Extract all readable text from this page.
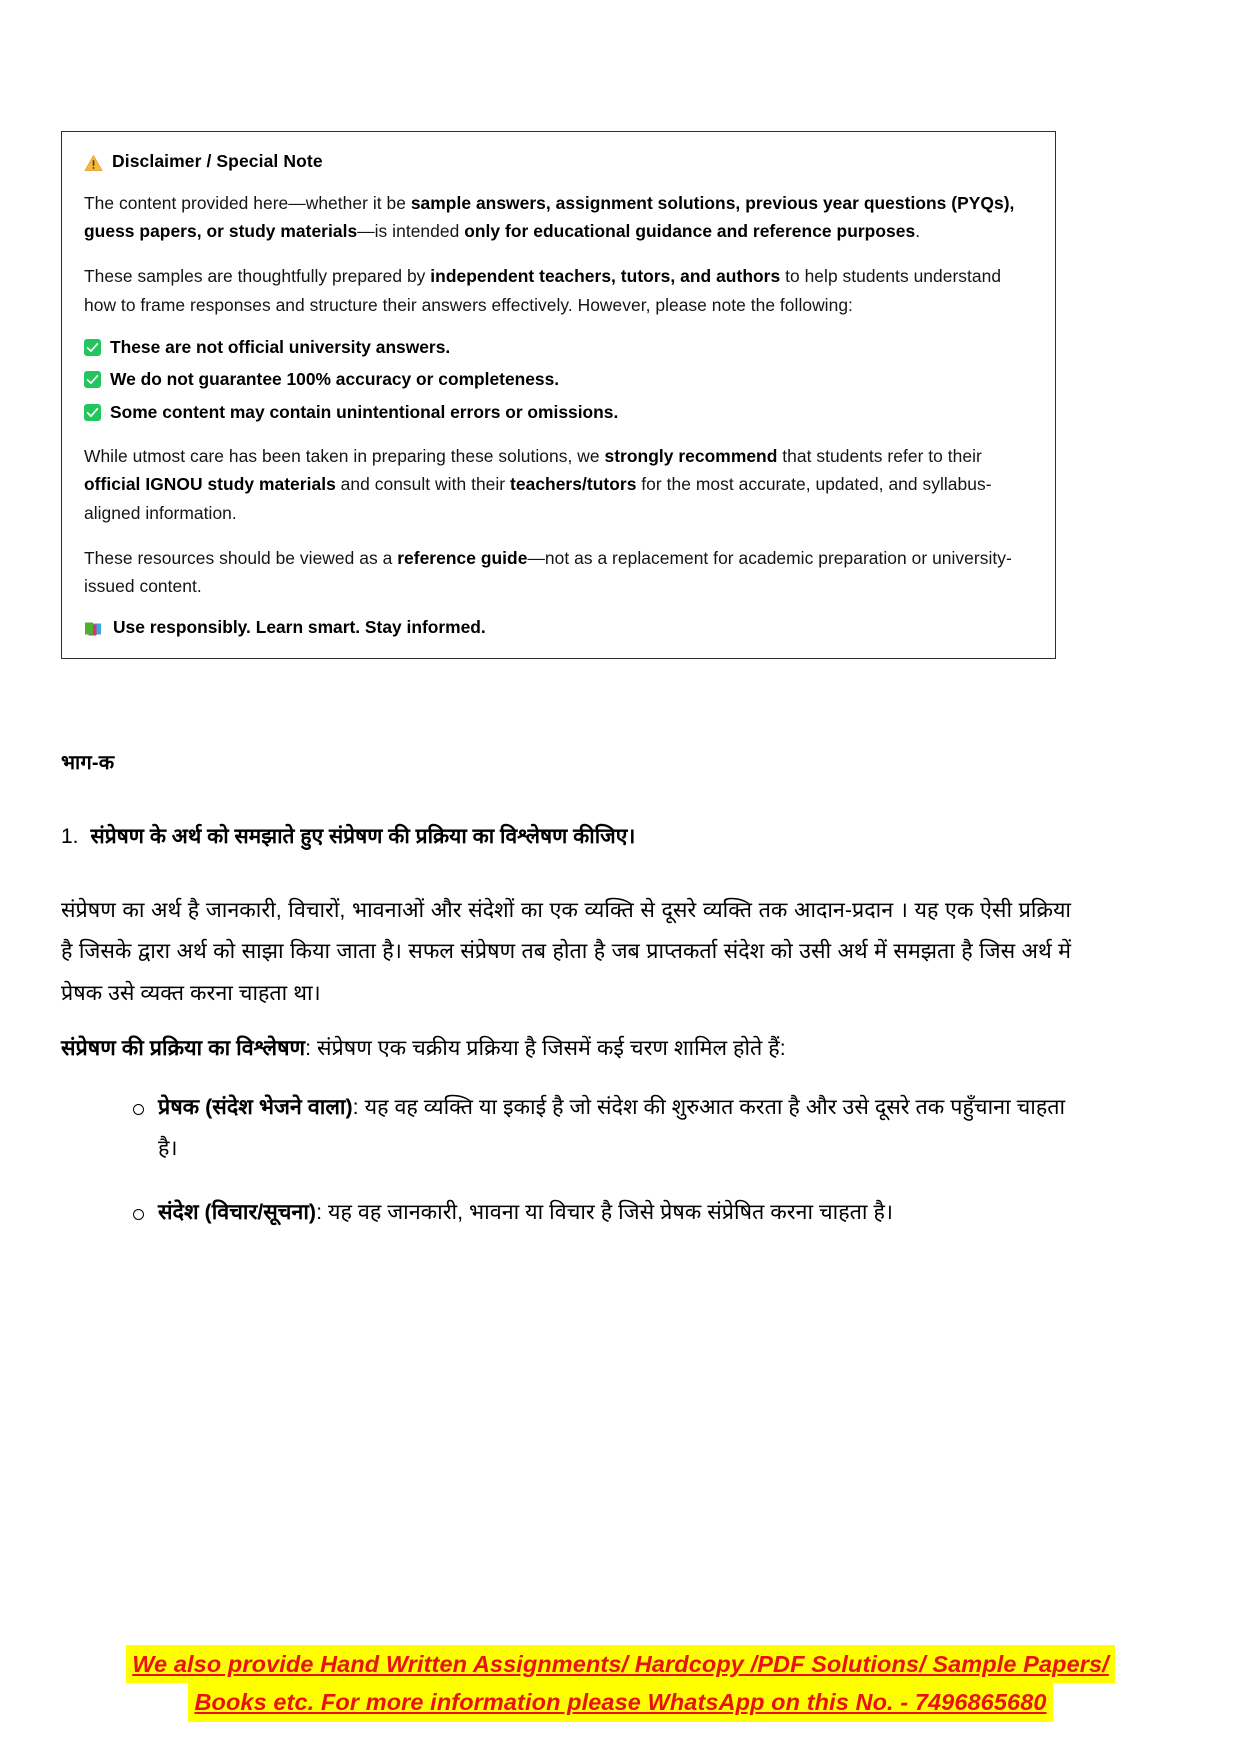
Disclaimer / Special Note

The content provided here—whether it be sample answers, assignment solutions, previous year questions (PYQs), guess papers, or study materials—is intended only for educational guidance and reference purposes.

These samples are thoughtfully prepared by independent teachers, tutors, and authors to help students understand how to frame responses and structure their answers effectively. However, please note the following:

These are not official university answers.
We do not guarantee 100% accuracy or completeness.
Some content may contain unintentional errors or omissions.

While utmost care has been taken in preparing these solutions, we strongly recommend that students refer to their official IGNOU study materials and consult with their teachers/tutors for the most accurate, updated, and syllabus-aligned information.

These resources should be viewed as a reference guide—not as a replacement for academic preparation or university-issued content.

Use responsibly. Learn smart. Stay informed.
भाग-क
1. संप्रेषण के अर्थ को समझाते हुए संप्रेषण की प्रक्रिया का विश्लेषण कीजिए।

संप्रेषण का अर्थ है जानकारी, विचारों, भावनाओं और संदेशों का एक व्यक्ति से दूसरे व्यक्ति तक आदान-प्रदान । यह एक ऐसी प्रक्रिया है जिसके द्वारा अर्थ को साझा किया जाता है। सफल संप्रेषण तब होता है जब प्राप्तकर्ता संदेश को उसी अर्थ में समझता है जिस अर्थ में प्रेषक उसे व्यक्त करना चाहता था।

संप्रेषण की प्रक्रिया का विश्लेषण: संप्रेषण एक चक्रीय प्रक्रिया है जिसमें कई चरण शामिल होते हैं:

प्रेषक (संदेश भेजने वाला): यह वह व्यक्ति या इकाई है जो संदेश की शुरुआत करता है और उसे दूसरे तक पहुँचाना चाहता है।
संदेश (विचार/सूचना): यह वह जानकारी, भावना या विचार है जिसे प्रेषक संप्रेषित करना चाहता है।
We also provide Hand Written Assignments/ Hardcopy /PDF Solutions/ Sample Papers/
Books etc. For more information please WhatsApp on this No. - 7496865680
